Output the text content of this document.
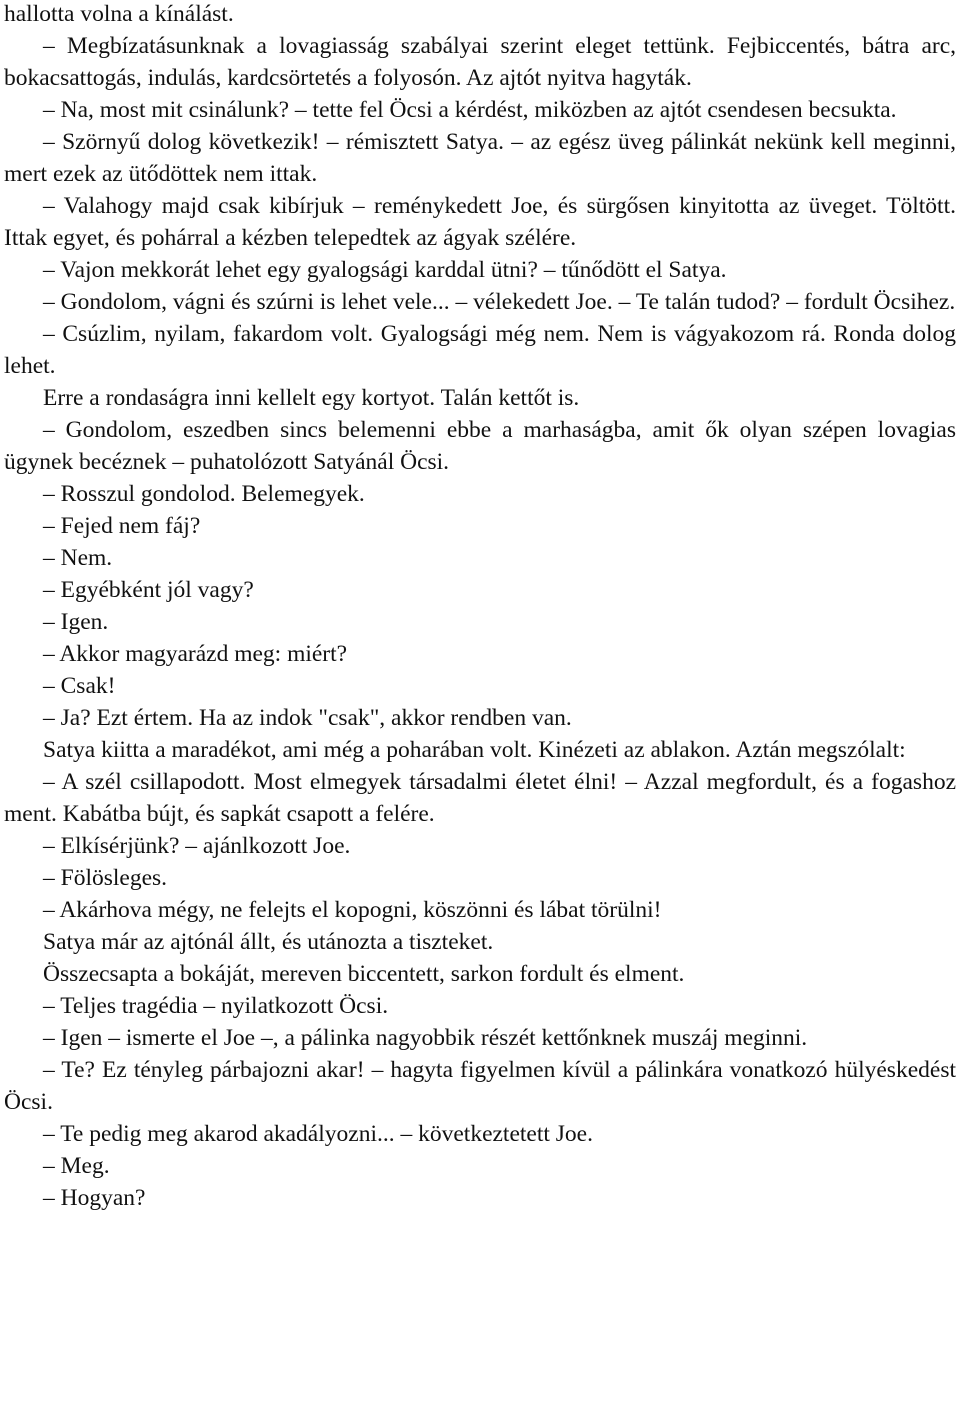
hallotta volna a kínálást.

– Megbízatásunknak a lovagiasság szabályai szerint eleget tettünk. Fejbiccentés, bátra arc, bokacsattogás, indulás, kardcsörtetés a folyosón. Az ajtót nyitva hagyták.

– Na, most mit csinálunk? – tette fel Öcsi a kérdést, miközben az ajtót csendesen becsukta.

– Szörnyű dolog következik! – rémisztett Satya. – az egész üveg pálinkát nekünk kell meginni, mert ezek az ütődöttek nem ittak.

– Valahogy majd csak kibírjuk – reménykedett Joe, és sürgősen kinyitotta az üveget. Töltött. Ittak egyet, és pohárral a kézben telepedtek az ágyak szélére.

– Vajon mekkorát lehet egy gyalogsági karddal ütni? – tűnődött el Satya.

– Gondolom, vágni és szúrni is lehet vele... – vélekedett Joe. – Te talán tudod? – fordult Öcsihez.

– Csúzlim, nyilam, fakardom volt. Gyalogsági még nem. Nem is vágyakozom rá. Ronda dolog lehet.

Erre a rondaságra inni kellelt egy kortyot. Talán kettőt is.

– Gondolom, eszedben sincs belemenni ebbe a marhaságba, amit ők olyan szépen lovagias ügynek becéznek – puhatolózott Satyánál Öcsi.

– Rosszul gondolod. Belemegyek.

– Fejed nem fáj?

– Nem.

– Egyébként jól vagy?

– Igen.

– Akkor magyarázd meg: miért?

– Csak!

– Ja? Ezt értem. Ha az indok "csak", akkor rendben van.

Satya kiitta a maradékot, ami még a poharában volt. Kinézeti az ablakon. Aztán megszólalt:

– A szél csillapodott. Most elmegyek társadalmi életet élni! – Azzal megfordult, és a fogashoz ment. Kabátba bújt, és sapkát csapott a felére.

– Elkísérjünk? – ajánlkozott Joe.

– Fölösleges.

– Akárhova mégy, ne felejts el kopogni, köszönni és lábat törülni!

Satya már az ajtónál állt, és utánozta a tiszteket.

Összecsapta a bokáját, mereven biccentett, sarkon fordult és elment.

– Teljes tragédia – nyilatkozott Öcsi.

– Igen – ismerte el Joe –, a pálinka nagyobbik részét kettőnknek muszáj meginni.

– Te? Ez tényleg párbajozni akar! – hagyta figyelmen kívül a pálinkára vonatkozó hülyéskedést Öcsi.

– Te pedig meg akarod akadályozni... – következtetett Joe.

– Meg.

– Hogyan?
